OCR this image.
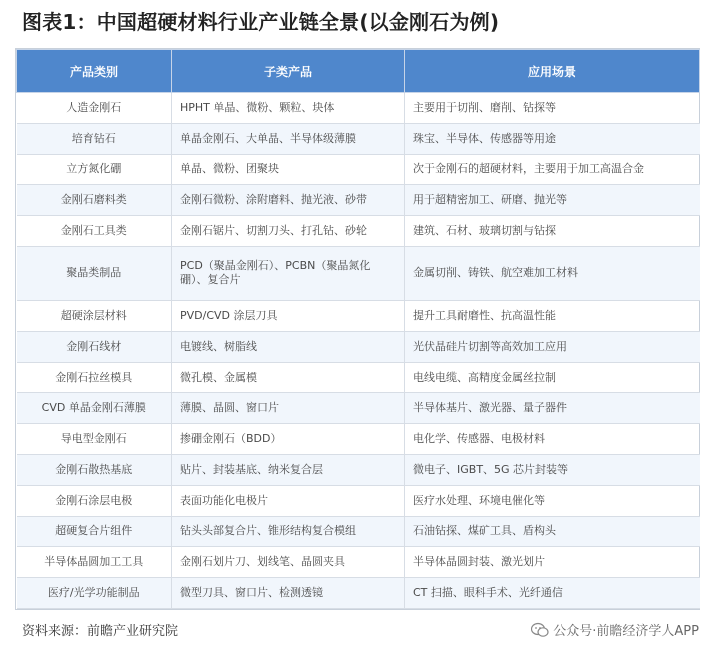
图表1：中国超硬材料行业产业链全景(以金刚石为例)
产品类别	子类产品	应用场景
人造金刚石	HPHT 单晶、微粉、颗粒、块体	主要用于切削、磨削、钻探等
培育钻石	单晶金刚石、大单晶、半导体级薄膜	珠宝、半导体、传感器等用途
立方氮化硼	单晶、微粉、团聚块	次于金刚石的超硬材料，主要用于加工高温合金
金刚石磨料类	金刚石微粉、涂附磨料、抛光液、砂带	用于超精密加工、研磨、抛光等
金刚石工具类	金刚石锯片、切割刀头、打孔钻、砂轮	建筑、石材、玻璃切割与钻探
聚晶类制品	PCD（聚晶金刚石）、PCBN（聚晶氮化硼）、复合片	金属切削、铸铁、航空难加工材料
超硬涂层材料	PVD/CVD 涂层刀具	提升工具耐磨性、抗高温性能
金刚石线材	电镀线、树脂线	光伏晶硅片切割等高效加工应用
金刚石拉丝模具	微孔模、金属模	电线电缆、高精度金属丝拉制
CVD 单晶金刚石薄膜	薄膜、晶圆、窗口片	半导体基片、激光器、量子器件
导电型金刚石	掺硼金刚石（BDD）	电化学、传感器、电极材料
金刚石散热基底	贴片、封装基底、纳米复合层	微电子、IGBT、5G 芯片封装等
金刚石涂层电极	表面功能化电极片	医疗水处理、环境电催化等
超硬复合片组件	钻头头部复合片、锥形结构复合模组	石油钻探、煤矿工具、盾构头
半导体晶圆加工工具	金刚石划片刀、划线笔、晶圆夹具	半导体晶圆封装、激光划片
医疗/光学功能制品	微型刀具、窗口片、检测透镜	CT 扫描、眼科手术、光纤通信
资料来源：前瞻产业研究院	公众号·前瞻经济学人APP
